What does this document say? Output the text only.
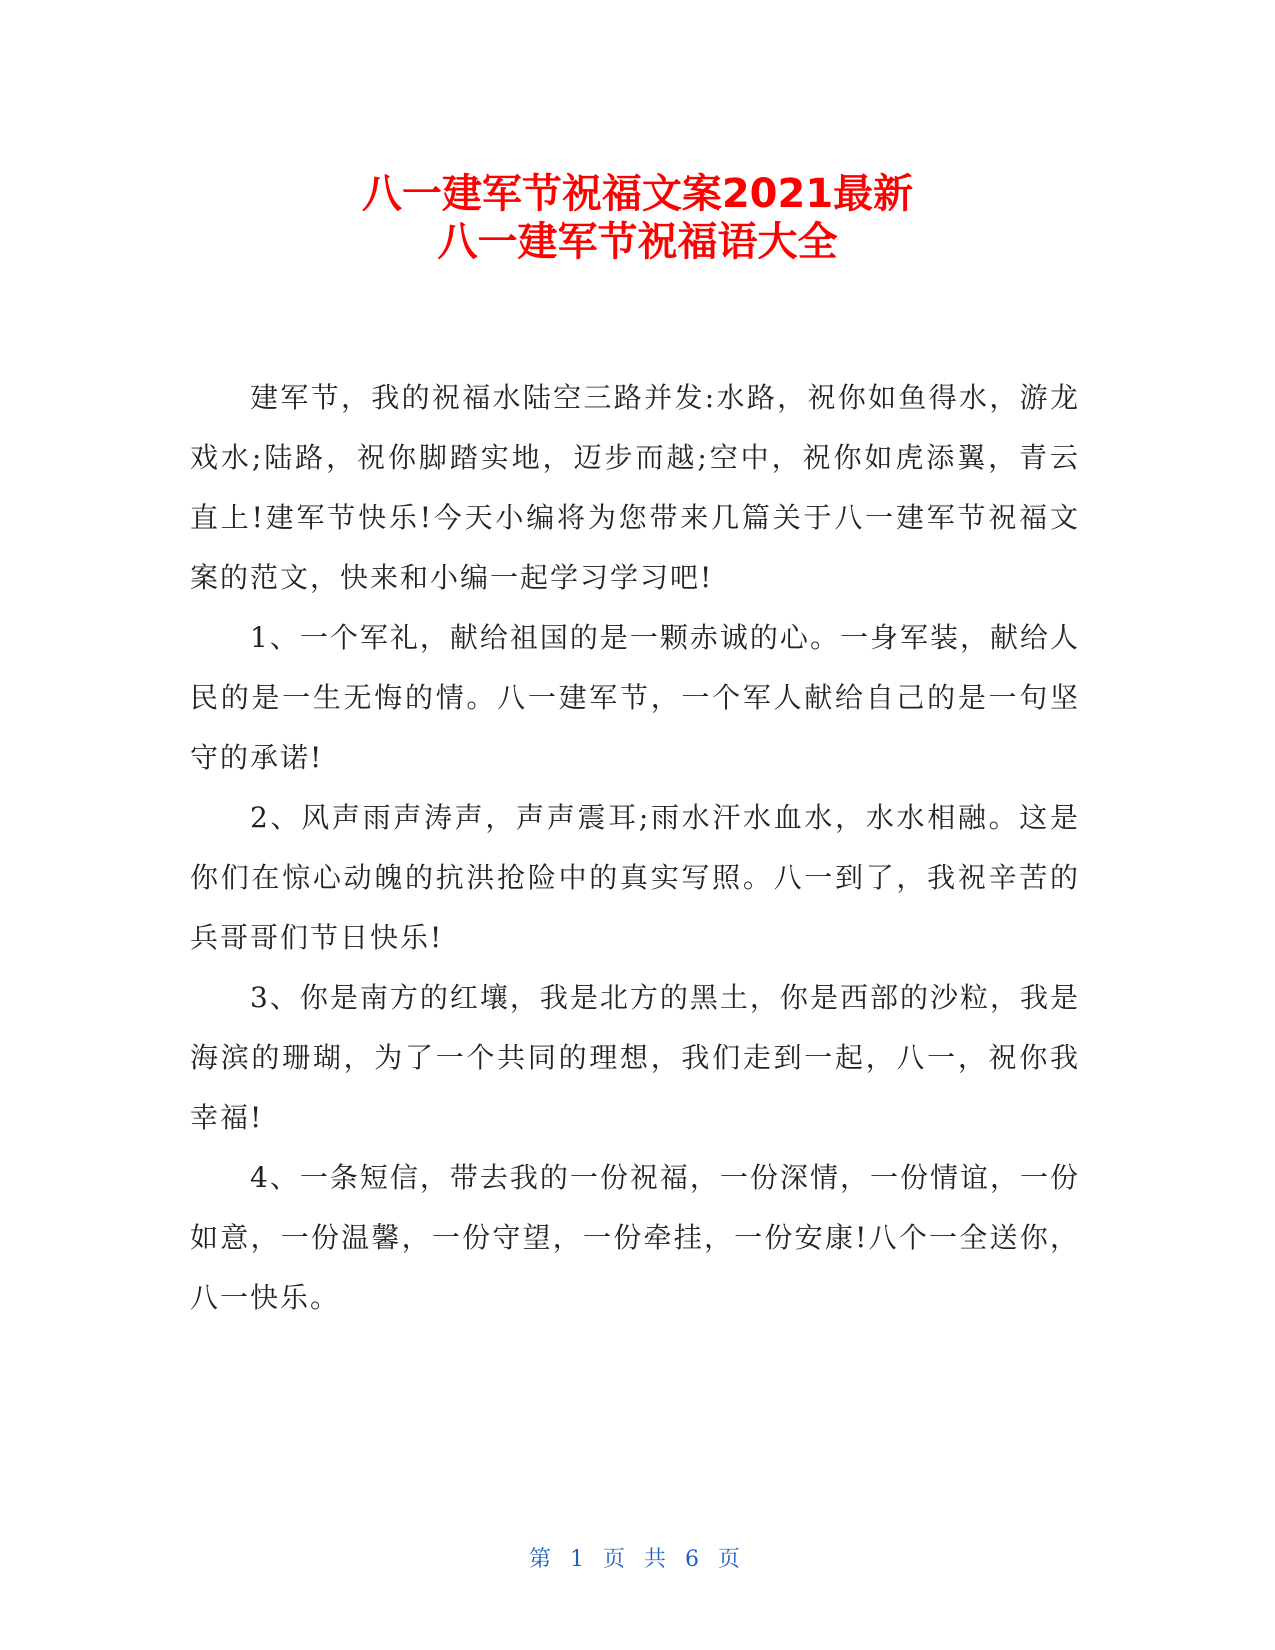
八一建军节祝福文案2021最新
八一建军节祝福语大全

建军节，我的祝福水陆空三路并发:水路，祝你如鱼得水，游龙戏水;陆路，祝你脚踏实地，迈步而越;空中，祝你如虎添翼，青云直上!建军节快乐!今天小编将为您带来几篇关于八一建军节祝福文案的范文，快来和小编一起学习学习吧!

1、一个军礼，献给祖国的是一颗赤诚的心。一身军装，献给人民的是一生无悔的情。八一建军节，一个军人献给自己的是一句坚守的承诺!

2、风声雨声涛声，声声震耳;雨水汗水血水，水水相融。这是你们在惊心动魄的抗洪抢险中的真实写照。八一到了，我祝辛苦的兵哥哥们节日快乐!

3、你是南方的红壤，我是北方的黑土，你是西部的沙粒，我是海滨的珊瑚，为了一个共同的理想，我们走到一起，八一，祝你我幸福!

4、一条短信，带去我的一份祝福，一份深情，一份情谊，一份如意，一份温馨，一份守望，一份牵挂，一份安康!八个一全送你，八一快乐。

第 1 页 共 6 页
